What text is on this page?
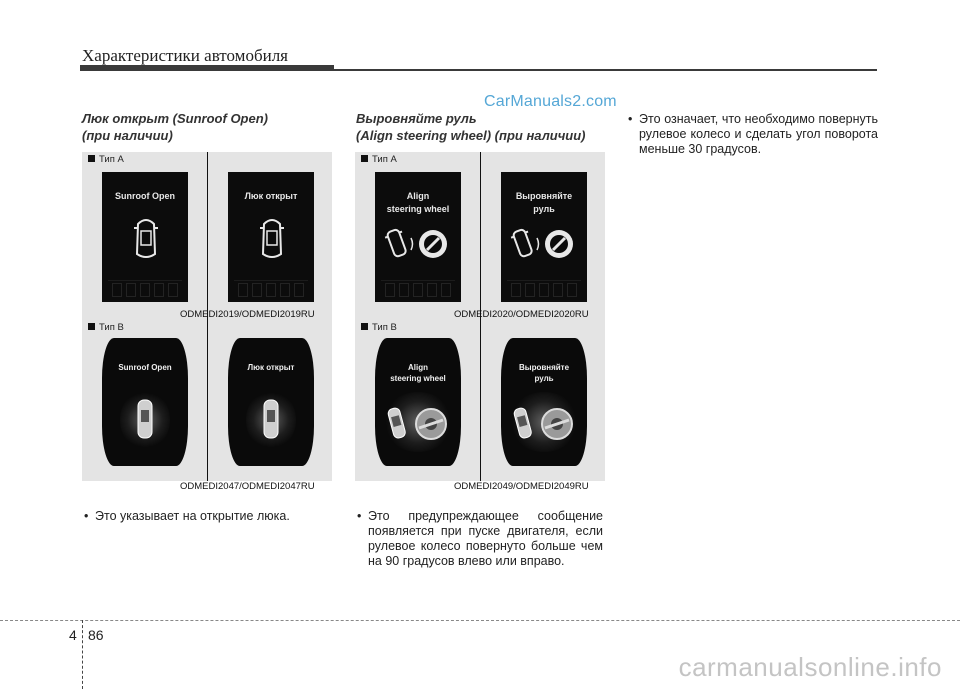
Характеристики автомобиля
CarManuals2.com
Люк открыт (Sunroof Open)
(при наличии)
Выровняйте руль
(Align steering wheel) (при наличии)
Тип A
Sunroof Open	Люк открыт
ODMEDI2019/ODMEDI2019RU
Тип B
Sunroof Open	Люк открыт
ODMEDI2047/ODMEDI2047RU
Тип A
Align
steering wheel
Выровняйте
руль
ODMEDI2020/ODMEDI2020RU
Тип B
Align
steering wheel
Выровняйте
руль
ODMEDI2049/ODMEDI2049RU
• Это указывает на открытие люка.	• Это предупреждающее сообщение появляется при пуске двигателя, если рулевое колесо повернуто больше чем на 90 градусов влево или вправо.
• Это означает, что необходимо повернуть рулевое колесо и сделать угол поворота меньше 30 градусов.
4 86
carmanualsonline.info
